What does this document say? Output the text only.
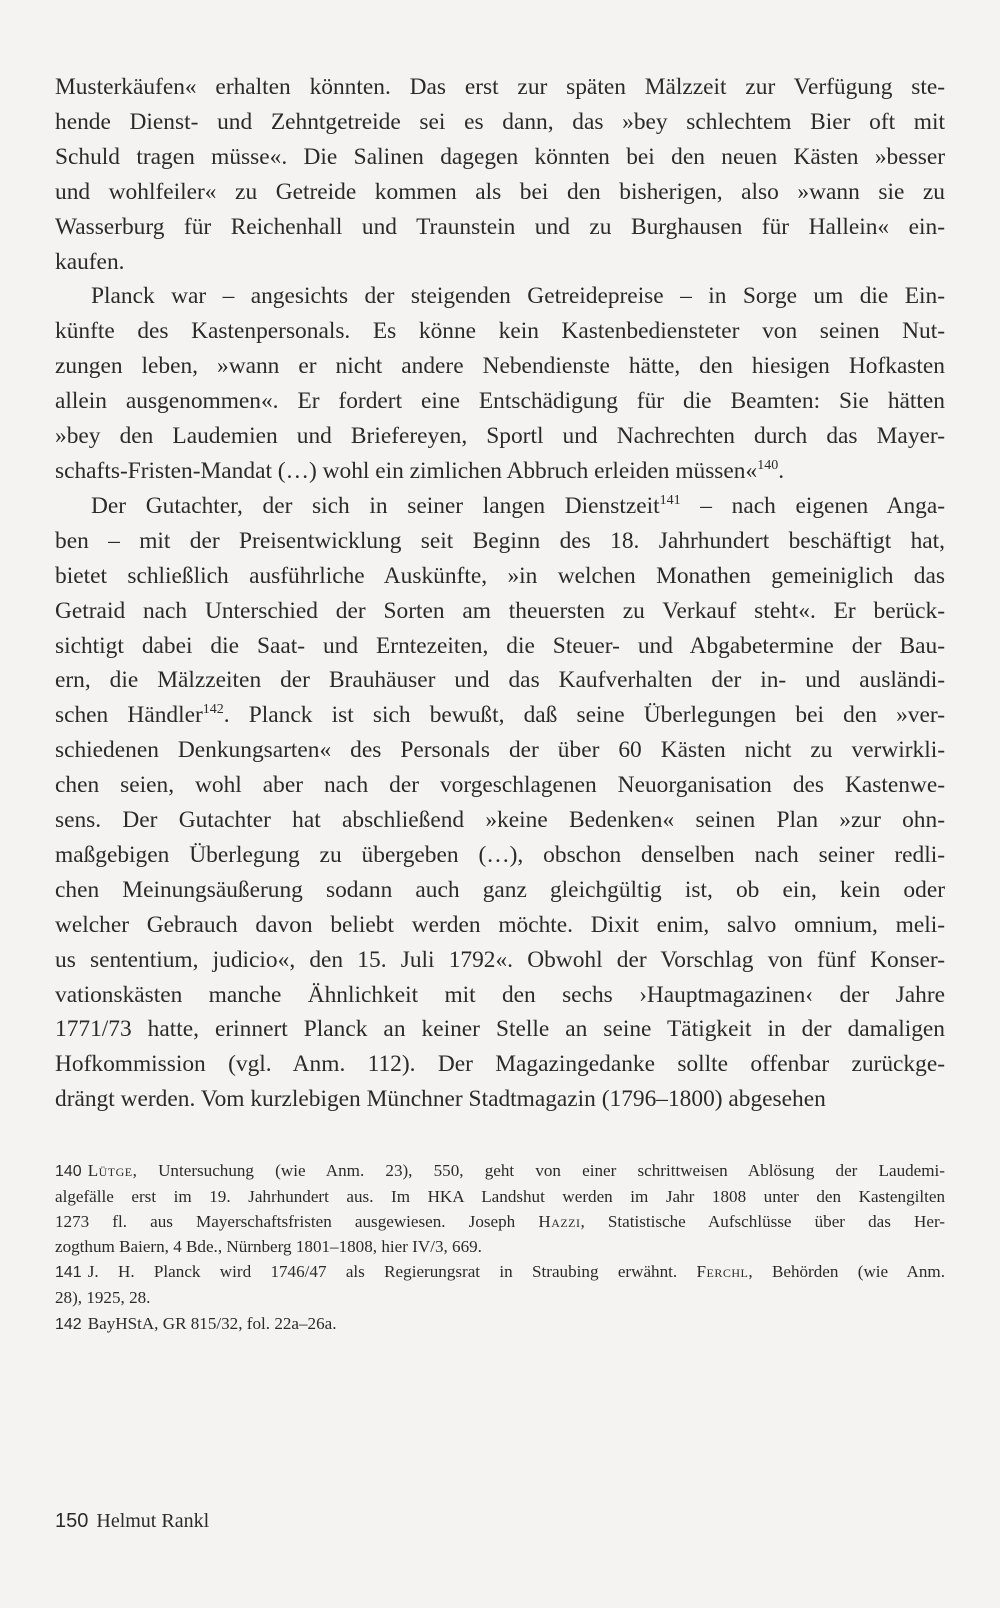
Musterkäufen« erhalten könnten. Das erst zur späten Mälzzeit zur Verfügung ste-
hende Dienst- und Zehntgetreide sei es dann, das »bey schlechtem Bier oft mit
Schuld tragen müsse«. Die Salinen dagegen könnten bei den neuen Kästen »besser
und wohlfeiler« zu Getreide kommen als bei den bisherigen, also »wann sie zu
Wasserburg für Reichenhall und Traunstein und zu Burghausen für Hallein« ein-
kaufen.
Planck war – angesichts der steigenden Getreidepreise – in Sorge um die Ein-
künfte des Kastenpersonals. Es könne kein Kastenbediensteter von seinen Nut-
zungen leben, »wann er nicht andere Nebendienste hätte, den hiesigen Hofkasten
allein ausgenommen«. Er fordert eine Entschädigung für die Beamten: Sie hätten
»bey den Laudemien und Briefereyen, Sportl und Nachrechten durch das Mayer-
schafts-Fristen-Mandat (…) wohl ein zimlichen Abbruch erleiden müssen«$^{140}$.
Der Gutachter, der sich in seiner langen Dienstzeit$^{141}$ – nach eigenen Anga-
ben – mit der Preisentwicklung seit Beginn des 18. Jahrhundert beschäftigt hat,
bietet schließlich ausführliche Auskünfte, »in welchen Monathen gemeiniglich das
Getraid nach Unterschied der Sorten am theuersten zu Verkauf steht«. Er berück-
sichtigt dabei die Saat- und Erntezeiten, die Steuer- und Abgabetermine der Bau-
ern, die Mälzzeiten der Brauhäuser und das Kaufverhalten der in- und ausländi-
schen Händler$^{142}$. Planck ist sich bewußt, daß seine Überlegungen bei den »ver-
schiedenen Denkungsarten« des Personals der über 60 Kästen nicht zu verwirkli-
chen seien, wohl aber nach der vorgeschlagenen Neuorganisation des Kastenwe-
sens. Der Gutachter hat abschließend »keine Bedenken« seinen Plan »zur ohn-
maßgebigen Überlegung zu übergeben (…), obschon denselben nach seiner redli-
chen Meinungsäußerung sodann auch ganz gleichgültig ist, ob ein, kein oder
welcher Gebrauch davon beliebt werden möchte. Dixit enim, salvo omnium, meli-
us sententium, judicio«, den 15. Juli 1792«. Obwohl der Vorschlag von fünf Konser-
vationskästen manche Ähnlichkeit mit den sechs ›Hauptmagazinen‹ der Jahre
1771/73 hatte, erinnert Planck an keiner Stelle an seine Tätigkeit in der damaligen
Hofkommission (vgl. Anm. 112). Der Magazingedanke sollte offenbar zurückge-
drängt werden. Vom kurzlebigen Münchner Stadtmagazin (1796–1800) abgesehen
140 Lütge, Untersuchung (wie Anm. 23), 550, geht von einer schrittweisen Ablösung der Laudemi-
algefälle erst im 19. Jahrhundert aus. Im HKA Landshut werden im Jahr 1808 unter den Kastengilten
1273 fl. aus Mayerschaftsfristen ausgewiesen. Joseph Hazzi, Statistische Aufschlüsse über das Her-
zogthum Baiern, 4 Bde., Nürnberg 1801–1808, hier IV/3, 669.
141 J. H. Planck wird 1746/47 als Regierungsrat in Straubing erwähnt. Ferchl, Behörden (wie Anm.
28), 1925, 28.
142 BayHStA, GR 815/32, fol. 22a–26a.
150 Helmut Rankl
